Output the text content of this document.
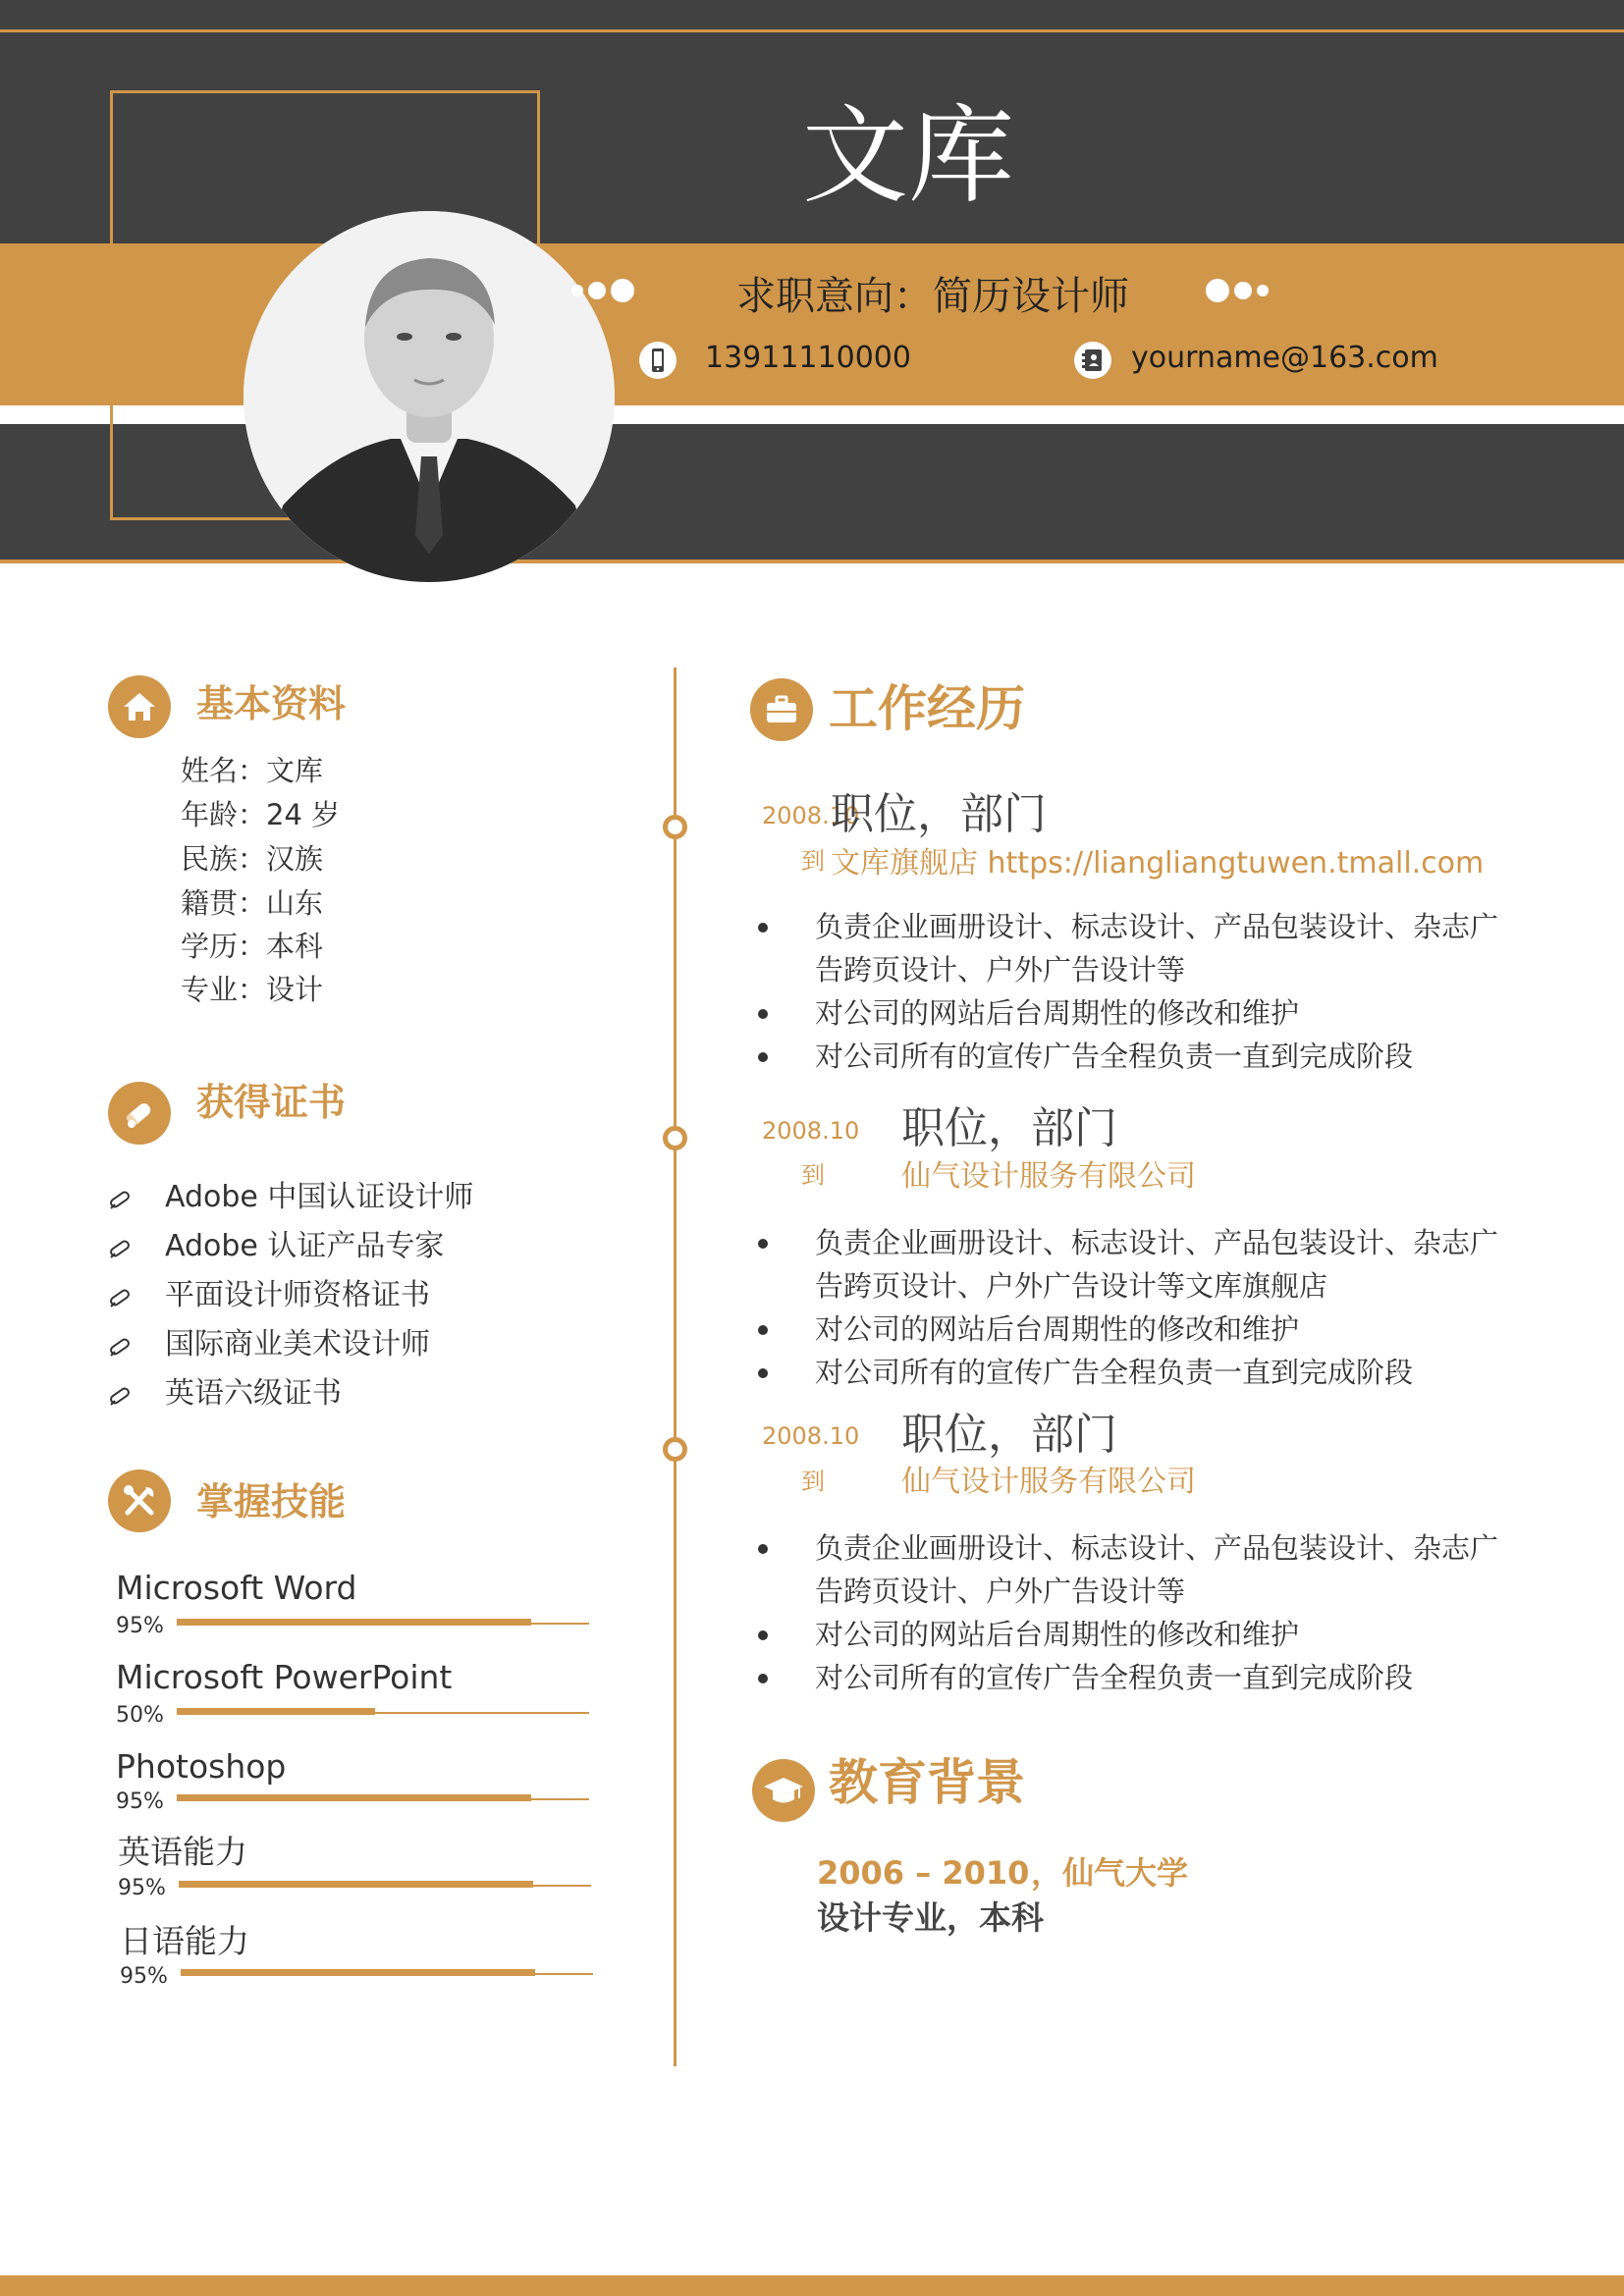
文库
求职意向：简历设计师
13911110000	yourname@163.com
基本资料
姓名：文库
年龄：24 岁
民族：汉族
籍贯：山东
学历：本科
专业：设计
获得证书
Adobe 中国认证设计师
Adobe 认证产品专家
平面设计师资格证书
国际商业美术设计师
英语六级证书
掌握技能
Microsoft Word
95%
Microsoft PowerPoint
50%
Photoshop
95%
英语能力
95%
日语能力
95%
工作经历
2008.10
到
职位，部门
文库旗舰店 https://liangliangtuwen.tmall.com
负责企业画册设计、标志设计、产品包装设计、杂志广告跨页设计、户外广告设计等
对公司的网站后台周期性的修改和维护
对公司所有的宣传广告全程负责一直到完成阶段
2008.10
到
职位，部门
仙气设计服务有限公司
负责企业画册设计、标志设计、产品包装设计、杂志广告跨页设计、户外广告设计等文库旗舰店
对公司的网站后台周期性的修改和维护
对公司所有的宣传广告全程负责一直到完成阶段
2008.10
到
职位，部门
仙气设计服务有限公司
负责企业画册设计、标志设计、产品包装设计、杂志广告跨页设计、户外广告设计等
对公司的网站后台周期性的修改和维护
对公司所有的宣传广告全程负责一直到完成阶段
教育背景
2006 – 2010 ，仙气大学
设计专业，本科
